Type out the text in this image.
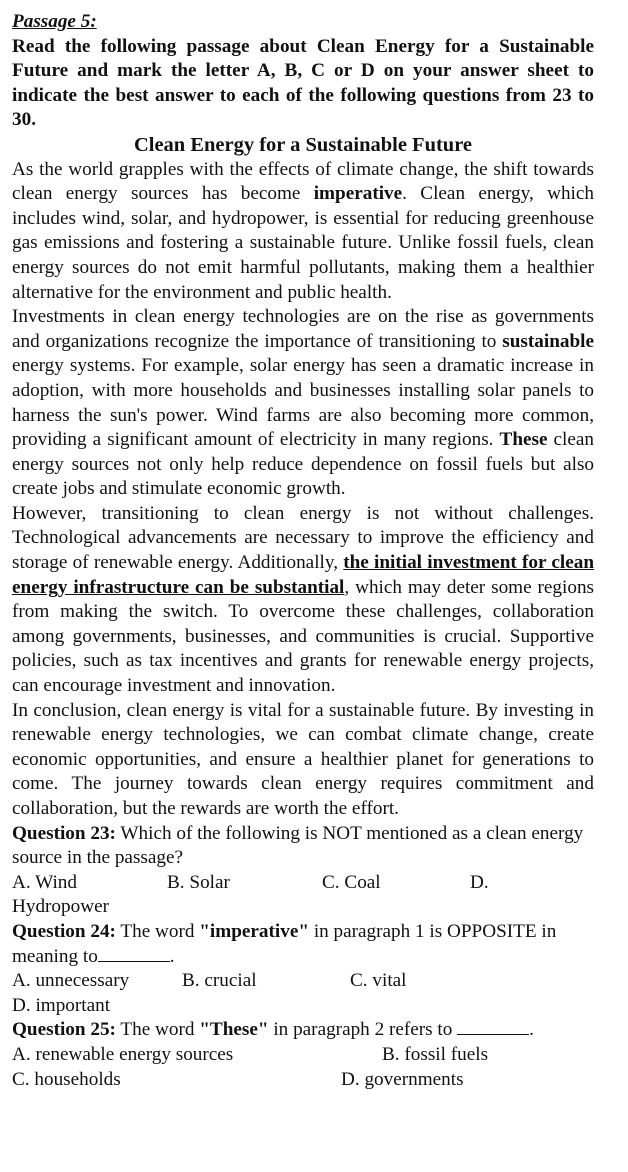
Passage 5:
Read the following passage about Clean Energy for a Sustainable Future and mark the letter A, B, C or D on your answer sheet to indicate the best answer to each of the following questions from 23 to 30.
Clean Energy for a Sustainable Future

As the world grapples with the effects of climate change, the shift towards clean energy sources has become imperative. Clean energy, which includes wind, solar, and hydropower, is essential for reducing greenhouse gas emissions and fostering a sustainable future. Unlike fossil fuels, clean energy sources do not emit harmful pollutants, making them a healthier alternative for the environment and public health.

Investments in clean energy technologies are on the rise as governments and organizations recognize the importance of transitioning to sustainable energy systems. For example, solar energy has seen a dramatic increase in adoption, with more households and businesses installing solar panels to harness the sun's power. Wind farms are also becoming more common, providing a significant amount of electricity in many regions. These clean energy sources not only help reduce dependence on fossil fuels but also create jobs and stimulate economic growth.

However, transitioning to clean energy is not without challenges. Technological advancements are necessary to improve the efficiency and storage of renewable energy. Additionally, the initial investment for clean energy infrastructure can be substantial, which may deter some regions from making the switch. To overcome these challenges, collaboration among governments, businesses, and communities is crucial. Supportive policies, such as tax incentives and grants for renewable energy projects, can encourage investment and innovation.

In conclusion, clean energy is vital for a sustainable future. By investing in renewable energy technologies, we can combat climate change, create economic opportunities, and ensure a healthier planet for generations to come. The journey towards clean energy requires commitment and collaboration, but the rewards are worth the effort.

Question 23: Which of the following is NOT mentioned as a clean energy source in the passage?
A. Wind	B. Solar	C. Coal	D.
Hydropower
Question 24: The word "imperative" in paragraph 1 is OPPOSITE in meaning to	.
A. unnecessary	B. crucial	C. vital
D. important
Question 25: The word "These" in paragraph 2 refers to	.
A. renewable energy sources	B. fossil fuels
C. households	D. governments
